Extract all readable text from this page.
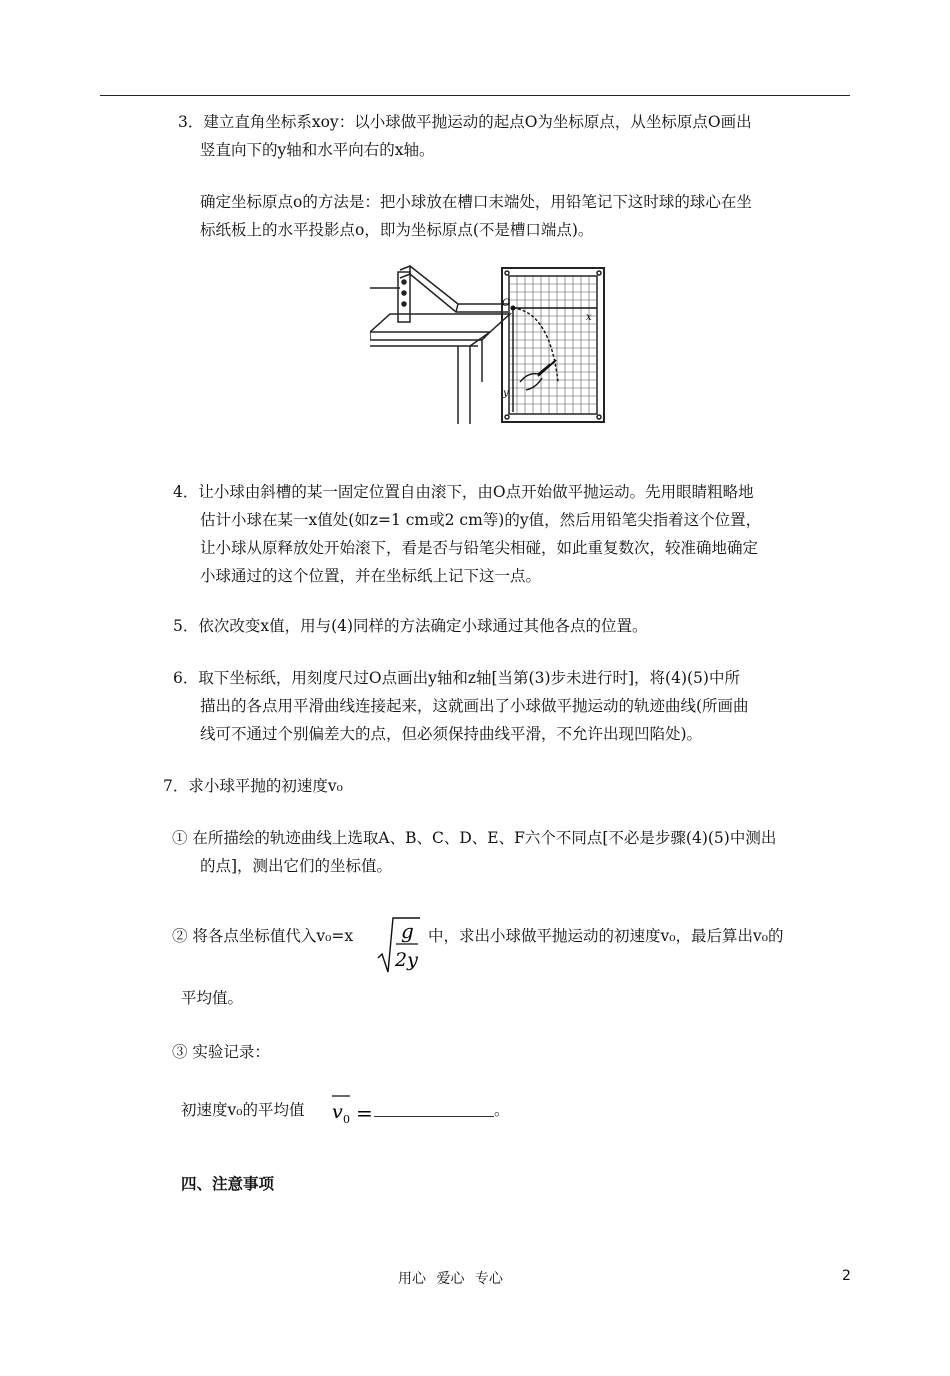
3．建立直角坐标系xoy：以小球做平抛运动的起点O为坐标原点，从坐标原点O画出
竖直向下的y轴和水平向右的x轴。
确定坐标原点o的方法是：把小球放在槽口末端处，用铅笔记下这时球的球心在坐
标纸板上的水平投影点o，即为坐标原点(不是槽口端点)。
O
x
y
4．让小球由斜槽的某一固定位置自由滚下，由O点开始做平抛运动。先用眼睛粗略地
估计小球在某一x值处(如z=1 cm或2 cm等)的y值，然后用铅笔尖指着这个位置，
让小球从原释放处开始滚下，看是否与铅笔尖相碰，如此重复数次，较准确地确定
小球通过的这个位置，并在坐标纸上记下这一点。
5．依次改变x值，用与(4)同样的方法确定小球通过其他各点的位置。
6．取下坐标纸，用刻度尺过O点画出y轴和z轴[当第(3)步未进行时]，将(4)(5)中所
描出的各点用平滑曲线连接起来，这就画出了小球做平抛运动的轨迹曲线(所画曲
线可不通过个别偏差大的点，但必须保持曲线平滑，不允许出现凹陷处)。
7．求小球平抛的初速度v₀
① 在所描绘的轨迹曲线上选取A、B、C、D、E、F六个不同点[不必是步骤(4)(5)中测出
的点]，测出它们的坐标值。
② 将各点坐标值代入v₀=x g
2y
中，求出小球做平抛运动的初速度v₀，最后算出v₀的
平均值。
③ 实验记录：
初速度v₀的平均值 v 0 =	。
四、注意事项
用心 爱心 专心	2
